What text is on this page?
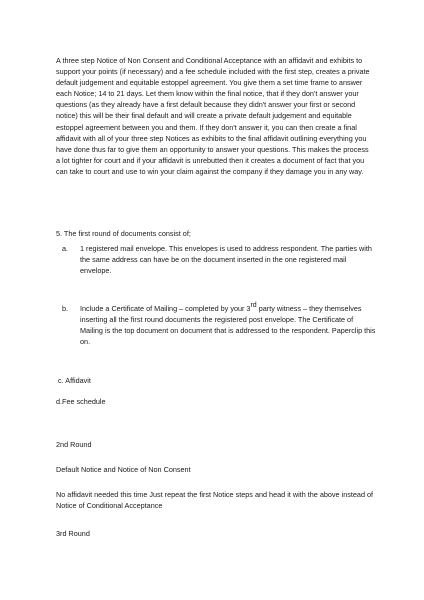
A three step Notice of Non Consent and Conditional Acceptance with an affidavit and exhibits to support your points (if necessary) and a fee schedule included with the first step, creates a private default judgement and equitable estoppel agreement. You give them a set time frame to answer each Notice; 14 to 21 days. Let them know within the final notice, that if they don't answer your questions (as they already have a first default because they didn't answer your first or second notice) this will be their final default and will create a private default judgement and equitable estoppel agreement between you and them. If they don't answer it, you can then create a final affidavit with all of your three step Notices as exhibits to the final affidavit outlining everything you have done thus far to give them an opportunity to answer your questions. This makes the process a lot tighter for court and if your affidavit is unrebutted then it creates a document of fact that you can take to court and use to win your claim against the company if they damage you in any way.
5. The first round of documents consist of;
a. 1 registered mail envelope. This envelopes is used to address respondent. The parties with the same address can have be on the document inserted in the one registered mail envelope.
b. Include a Certificate of Mailing – completed by your 3rd party witness – they themselves inserting all the first round documents the registered post envelope. The Certificate of Mailing is the top document on document that is addressed to the respondent. Paperclip this on.
c. Affidavit
d.Fee schedule
2nd Round
Default Notice and Notice of Non Consent
No affidavit needed this time Just repeat the first Notice steps and head it with the above instead of Notice of Conditional Acceptance
3rd Round
